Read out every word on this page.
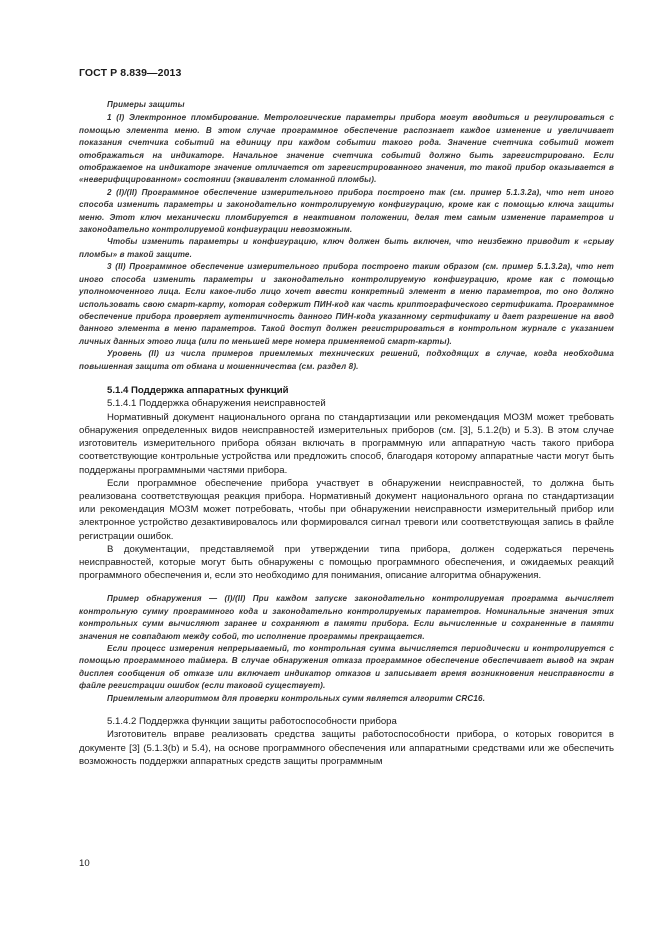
ГОСТ Р 8.839—2013

Примеры защиты

1 (I) Электронное пломбирование. Метрологические параметры прибора могут вводиться и регулироваться с помощью элемента меню. В этом случае программное обеспечение распознает каждое изменение и увеличивает показания счетчика событий на единицу при каждом событии такого рода. Значение счетчика событий может отображаться на индикаторе. Начальное значение счетчика событий должно быть зарегистрировано. Если отображаемое на индикаторе значение отличается от зарегистрированного значения, то такой прибор оказывается в «неверифицированном» состоянии (эквивалент сломанной пломбы).

2 (I)/(II) Программное обеспечение измерительного прибора построено так (см. пример 5.1.3.2а), что нет иного способа изменить параметры и законодательно контролируемую конфигурацию, кроме как с помощью ключа защиты меню. Этот ключ механически пломбируется в неактивном положении, делая тем самым изменение параметров и законодательно контролируемой конфигурации невозможным.

Чтобы изменить параметры и конфигурацию, ключ должен быть включен, что неизбежно приводит к «срыву пломбы» в такой защите.

3 (II) Программное обеспечение измерительного прибора построено таким образом (см. пример 5.1.3.2а), что нет иного способа изменить параметры и законодательно контролируемую конфигурацию, кроме как с помощью уполномоченного лица. Если какое-либо лицо хочет ввести конкретный элемент в меню параметров, то оно должно использовать свою смарт-карту, которая содержит ПИН-код как часть криптографического сертификата. Программное обеспечение прибора проверяет аутентичность данного ПИН-кода указанному сертификату и дает разрешение на ввод данного элемента в меню параметров. Такой доступ должен регистрироваться в контрольном журнале с указанием личных данных этого лица (или по меньшей мере номера применяемой смарт-карты).

Уровень (II) из числа примеров приемлемых технических решений, подходящих в случае, когда необходима повышенная защита от обмана и мошенничества (см. раздел 8).

5.1.4 Поддержка аппаратных функций

5.1.4.1 Поддержка обнаружения неисправностей

Нормативный документ национального органа по стандартизации или рекомендация МОЗМ может требовать обнаружения определенных видов неисправностей измерительных приборов (см. [3], 5.1.2(b) и 5.3). В этом случае изготовитель измерительного прибора обязан включать в программную или аппаратную часть такого прибора соответствующие контрольные устройства или предложить способ, благодаря которому аппаратные части могут быть поддержаны программными частями прибора.

Если программное обеспечение прибора участвует в обнаружении неисправностей, то должна быть реализована соответствующая реакция прибора. Нормативный документ национального органа по стандартизации или рекомендация МОЗМ может потребовать, чтобы при обнаружении неисправности измерительный прибор или электронное устройство дезактивировалось или формировался сигнал тревоги или соответствующая запись в файле регистрации ошибок.

В документации, представляемой при утверждении типа прибора, должен содержаться перечень неисправностей, которые могут быть обнаружены с помощью программного обеспечения, и ожидаемых реакций программного обеспечения и, если это необходимо для понимания, описание алгоритма обнаружения.

Пример обнаружения — (I)/(II) При каждом запуске законодательно контролируемая программа вычисляет контрольную сумму программного кода и законодательно контролируемых параметров. Номинальные значения этих контрольных сумм вычисляют заранее и сохраняют в памяти прибора. Если вычисленные и сохраненные в памяти значения не совпадают между собой, то исполнение программы прекращается.

Если процесс измерения непрерываемый, то контрольная сумма вычисляется периодически и контролируется с помощью программного таймера. В случае обнаружения отказа программное обеспечение обеспечивает вывод на экран дисплея сообщения об отказе или включает индикатор отказов и записывает время возникновения неисправности в файле регистрации ошибок (если таковой существует).

Приемлемым алгоритмом для проверки контрольных сумм является алгоритм CRC16.

5.1.4.2 Поддержка функции защиты работоспособности прибора

Изготовитель вправе реализовать средства защиты работоспособности прибора, о которых говорится в документе [3] (5.1.3(b) и 5.4), на основе программного обеспечения или аппаратными средствами или же обеспечить возможность поддержки аппаратных средств защиты программным

10
